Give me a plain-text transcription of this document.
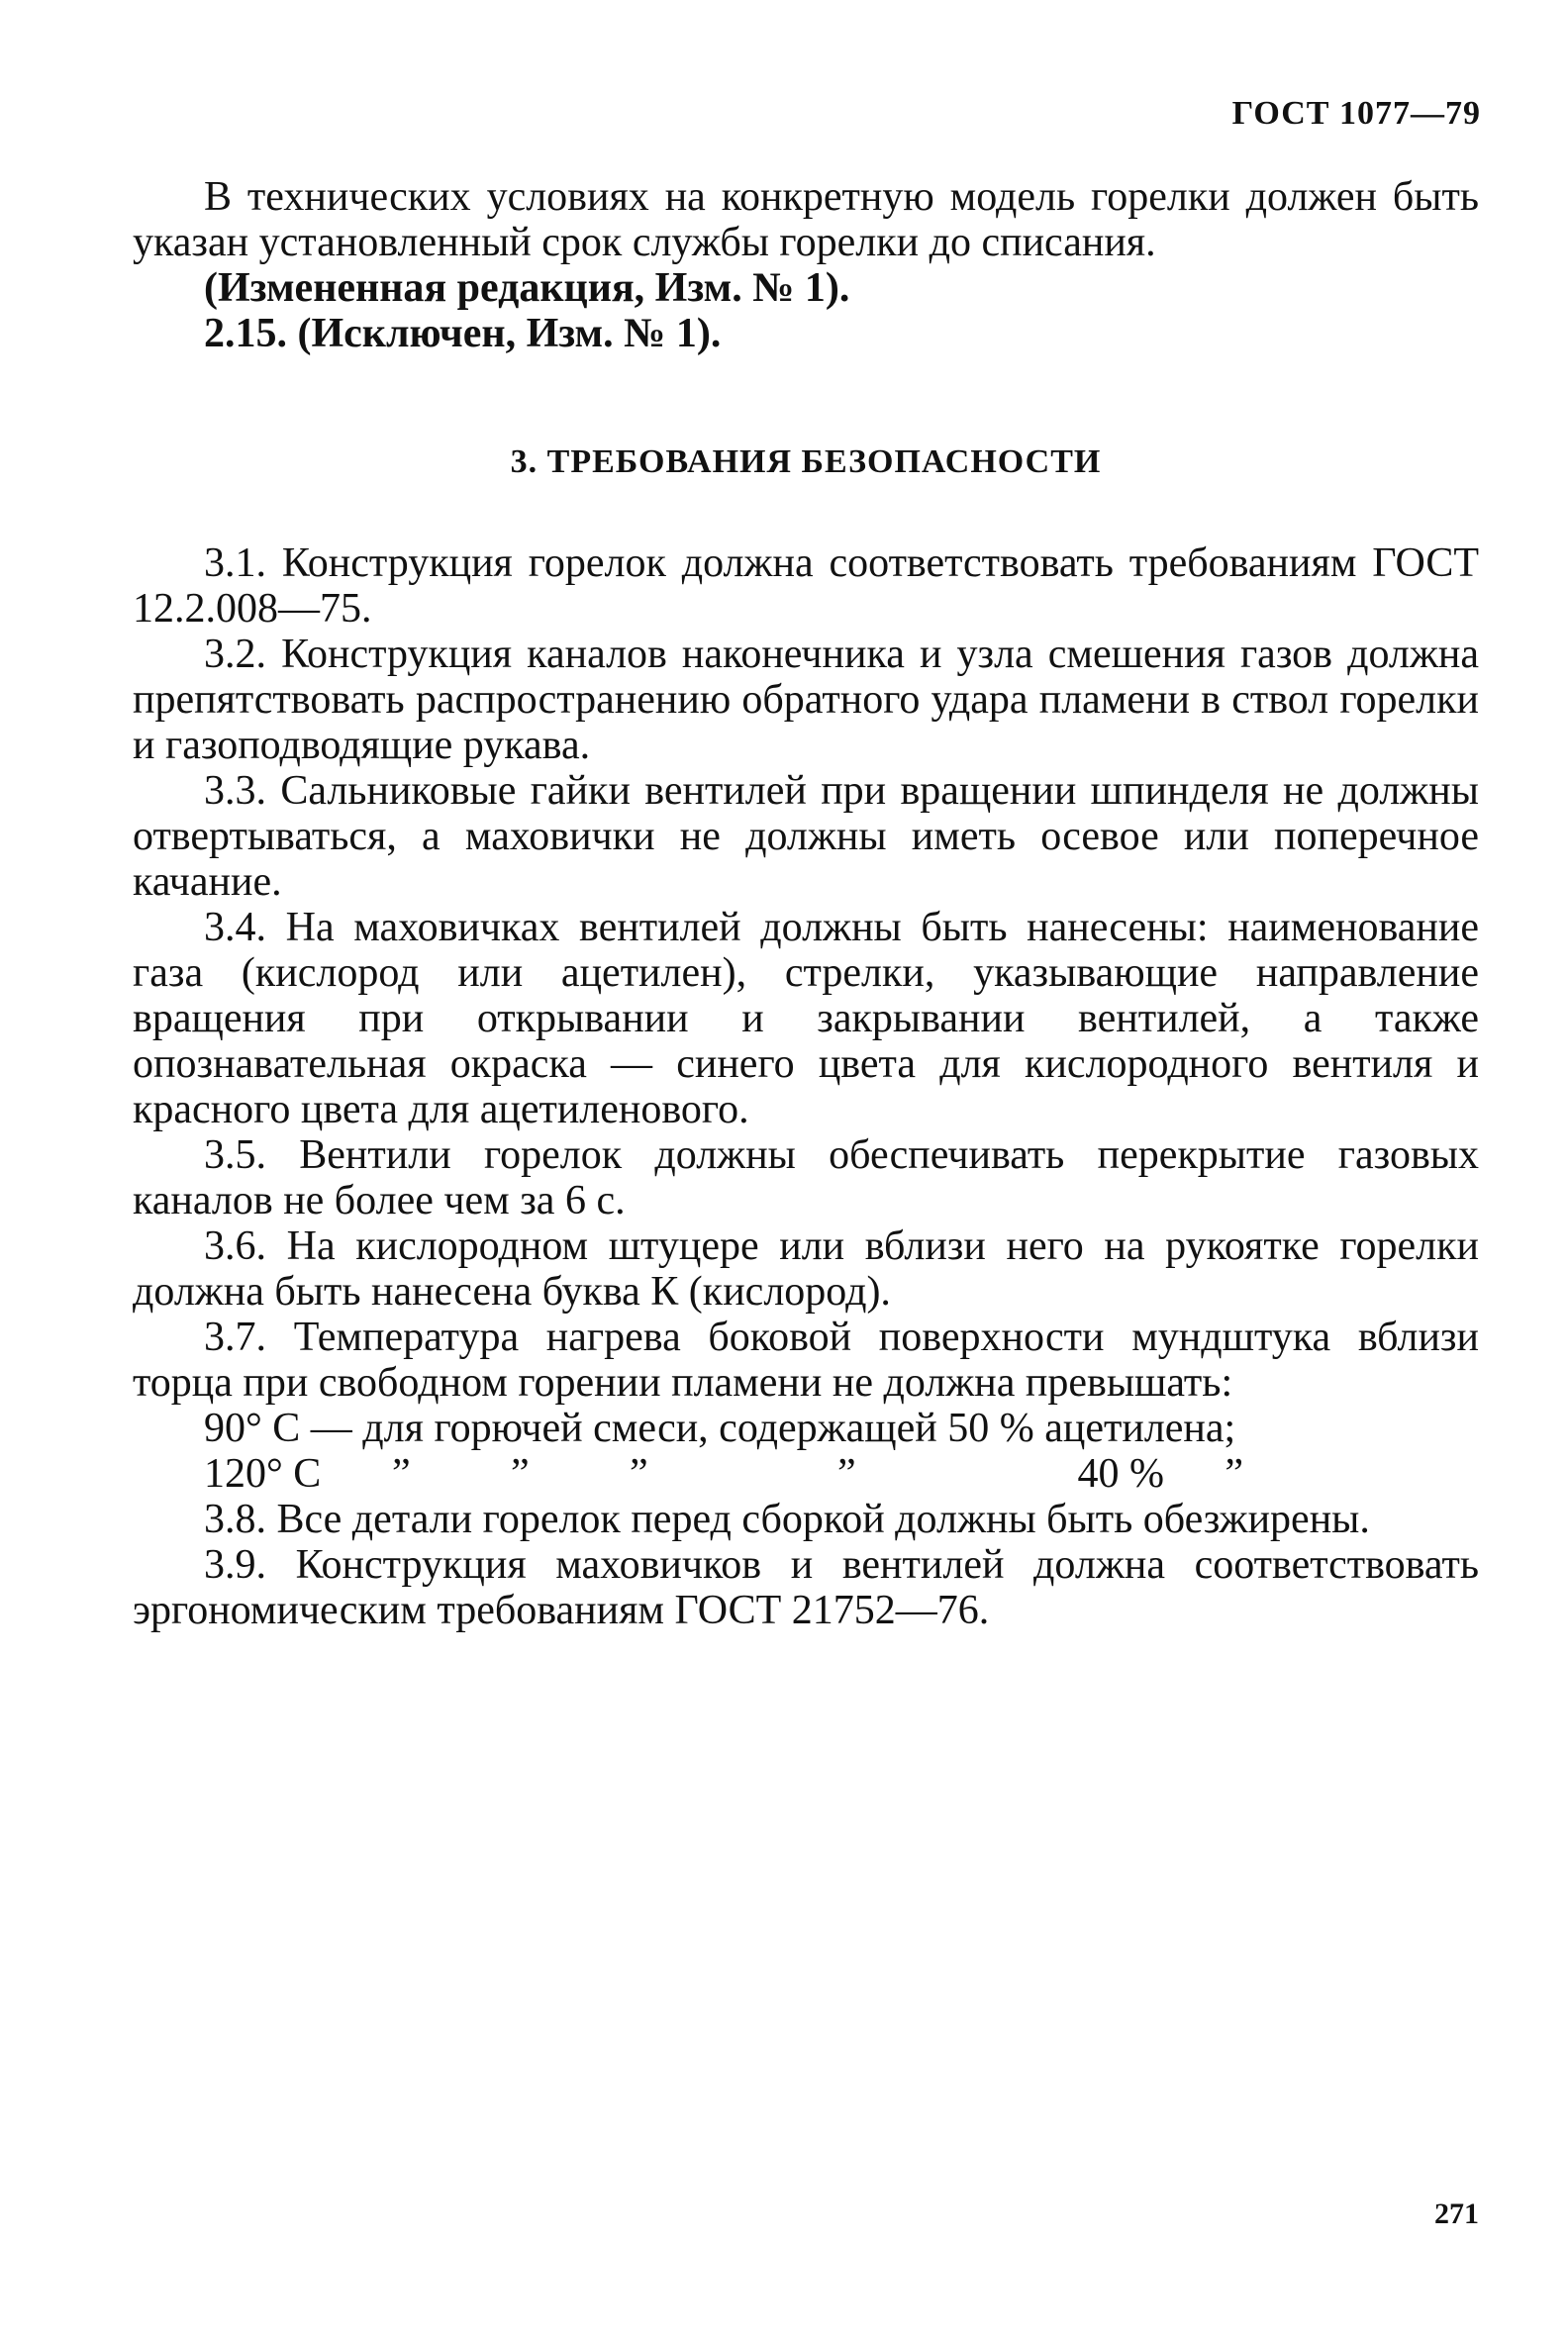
ГОСТ 1077—79

В технических условиях на конкретную модель горелки должен быть указан установленный срок службы горелки до списания.

(Измененная редакция, Изм. № 1).

2.15. (Исключен, Изм. № 1).

3. ТРЕБОВАНИЯ БЕЗОПАСНОСТИ

3.1. Конструкция горелок должна соответствовать требованиям ГОСТ 12.2.008—75.

3.2. Конструкция каналов наконечника и узла смешения газов должна препятствовать распространению обратного удара пламени в ствол горелки и газоподводящие рукава.

3.3. Сальниковые гайки вентилей при вращении шпинделя не должны отвертываться, а маховички не должны иметь осевое или поперечное качание.

3.4. На маховичках вентилей должны быть нанесены: наименование газа (кислород или ацетилен), стрелки, указывающие направление вращения при открывании и закрывании вентилей, а также опознавательная окраска — синего цвета для кислородного вентиля и красного цвета для ацетиленового.

3.5. Вентили горелок должны обеспечивать перекрытие газовых каналов не более чем за 6 с.

3.6. На кислородном штуцере или вблизи него на рукоятке горелки должна быть нанесена буква К (кислород).

3.7. Температура нагрева боковой поверхности мундштука вблизи торца при свободном горении пламени не должна превышать:

90° С — для горючей смеси, содержащей 50 % ацетилена;
120° С ” ” ”	”	40 % ”

3.8. Все детали горелок перед сборкой должны быть обезжирены.

3.9. Конструкция маховичков и вентилей должна соответствовать эргономическим требованиям ГОСТ 21752—76.

271
